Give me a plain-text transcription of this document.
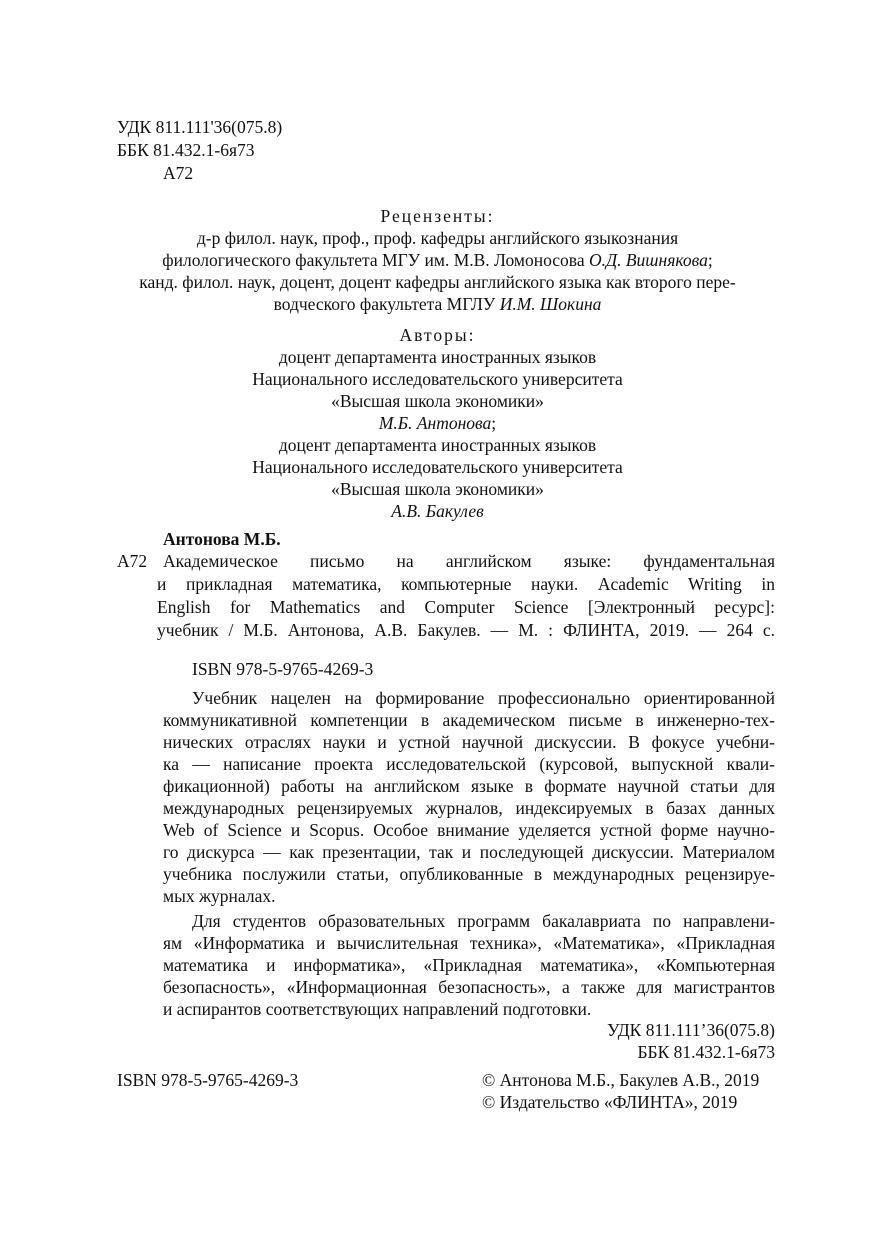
УДК 811.111'36(075.8)
ББК 81.432.1-6я73
А72
Рецензенты:
д-р филол. наук, проф., проф. кафедры английского языкознания
филологического факультета МГУ им. М.В. Ломоносова О.Д. Вишнякова;
канд. филол. наук, доцент, доцент кафедры английского языка как второго пере-
водческого факультета МГЛУ И.М. Шокина
Авторы:
доцент департамента иностранных языков
Национального исследовательского университета
«Высшая школа экономики»
М.Б. Антонова;
доцент департамента иностранных языков
Национального исследовательского университета
«Высшая школа экономики»
А.В. Бакулев
Антонова М.Б.
А72 Академическое письмо на английском языке: фундаментальная
и прикладная математика, компьютерные науки. Academic Writing in
English for Mathematics and Computer Science [Электронный ресурс]:
учебник / М.Б. Антонова, А.В. Бакулев. — М. : ФЛИНТА, 2019. — 264 с.
ISBN 978-5-9765-4269-3
Учебник нацелен на формирование профессионально ориентированной
коммуникативной компетенции в академическом письме в инженерно-тех-
нических отраслях науки и устной научной дискуссии. В фокусе учебни-
ка — написание проекта исследовательской (курсовой, выпускной квали-
фикационной) работы на английском языке в формате научной статьи для
международных рецензируемых журналов, индексируемых в базах данных
Web of Science и Scopus. Особое внимание уделяется устной форме научно-
го дискурса — как презентации, так и последующей дискуссии. Материалом
учебника послужили статьи, опубликованные в международных рецензируе-
мых журналах.
Для студентов образовательных программ бакалавриата по направлени-
ям «Информатика и вычислительная техника», «Математика», «Прикладная
математика и информатика», «Прикладная математика», «Компьютерная
безопасность», «Информационная безопасность», а также для магистрантов
и аспирантов соответствующих направлений подготовки.
УДК 811.111’36(075.8)
ББК 81.432.1-6я73
ISBN 978-5-9765-4269-3	© Антонова М.Б., Бакулев А.В., 2019
© Издательство «ФЛИНТА», 2019
